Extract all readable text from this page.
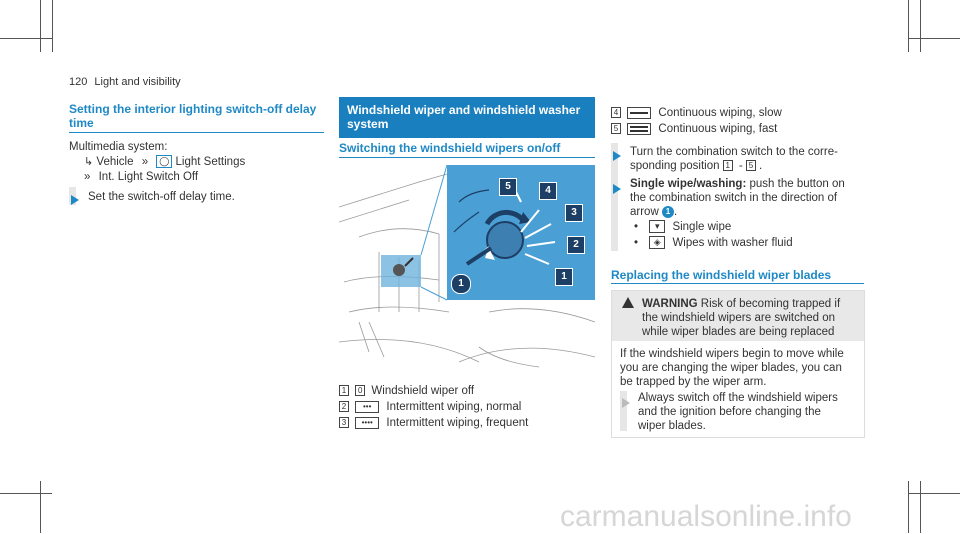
120 Light and visibility
Setting the interior lighting switch-off delay
time
Multimedia system:
↳ Vehicle » ◯ Light Settings
» Int. Light Switch Off
Set the switch-off delay time.
Windshield wiper and windshield washer
system
Switching the windshield wipers on/off
5	4
3
2
1
1
1 0 Windshield wiper off
2 ••• Intermittent wiping, normal
3 •••• Intermittent wiping, frequent
4	Continuous wiping, slow
5	Continuous wiping, fast
Turn the combination switch to the corre-
sponding position 1 - 5 .
Single wipe/washing: push the button on
the combination switch in the direction of
arrow 1 .
• ▾ Single wipe
• ◈ Wipes with washer fluid
Replacing the windshield wiper blades
WARNING Risk of becoming trapped if
the windshield wipers are switched on
while wiper blades are being replaced
If the windshield wipers begin to move while
you are changing the wiper blades, you can
be trapped by the wiper arm.
Always switch off the windshield wipers
and the ignition before changing the
wiper blades.
carmanualsonline.info
